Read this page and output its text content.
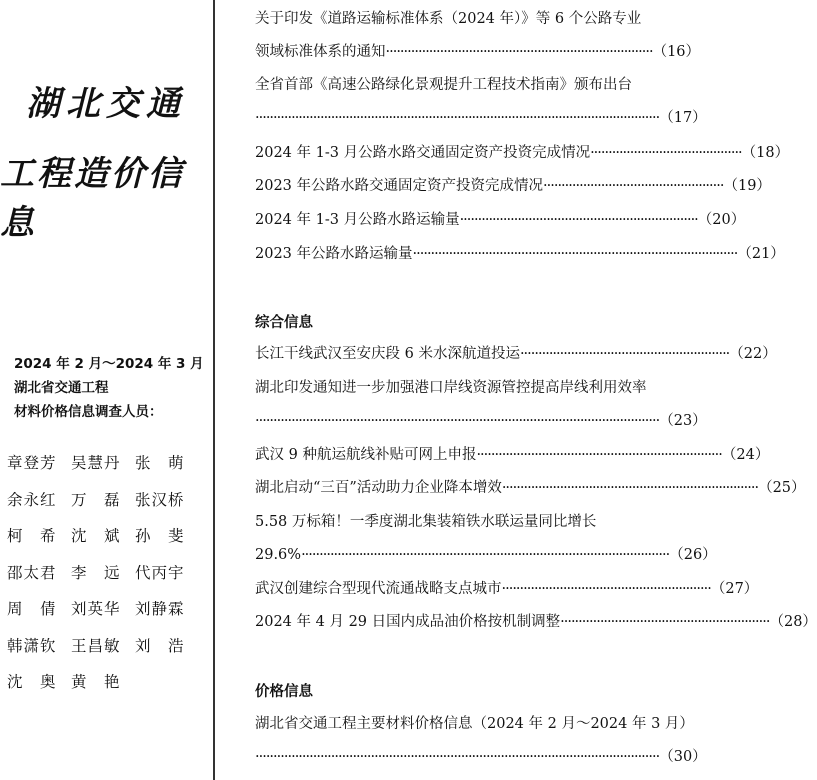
湖北交通
工程造价信息
2024 年 2 月～2024 年 3 月
湖北省交通工程
材料价格信息调查人员：
章登芳 吴慧丹 张　萌
余永红 万　磊 张汉桥
柯　希 沈　斌 孙　斐
邵太君 李　远 代丙宇
周　倩 刘英华 刘静霖
韩潇钦 王昌敏 刘　浩
沈　奥 黄　艳
关于印发《道路运输标准体系（2024 年）》等 6 个公路专业
领域标准体系的通知 ·········································································· （16）
全省首部《高速公路绿化景观提升工程技术指南》颁布出台
················································································································ （17）
2024 年 1-3 月公路水路交通固定资产投资完成情况 ·········································· （18）
2023 年公路水路交通固定资产投资完成情况 ·················································· （19）
2024 年 1-3 月公路水路运输量 ·································································· （20）
2023 年公路水路运输量 ·························································································· （21）
综合信息
长江干线武汉至安庆段 6 米水深航道投运 ·························································· （22）
湖北印发通知进一步加强港口岸线资源管控提高岸线利用效率
················································································································ （23）
武汉 9 种航运航线补贴可网上申报 ···································································· （24）
湖北启动“三百”活动助力企业降本增效 ······································································· （25）
5.58 万标箱！一季度湖北集装箱铁水联运量同比增长
29.6% ······································································································ （26）
武汉创建综合型现代流通战略支点城市 ·························································· （27）
2024 年 4 月 29 日国内成品油价格按机制调整 ·························································· （28）
价格信息
湖北省交通工程主要材料价格信息（2024 年 2 月～2024 年 3 月）
················································································································ （30）
